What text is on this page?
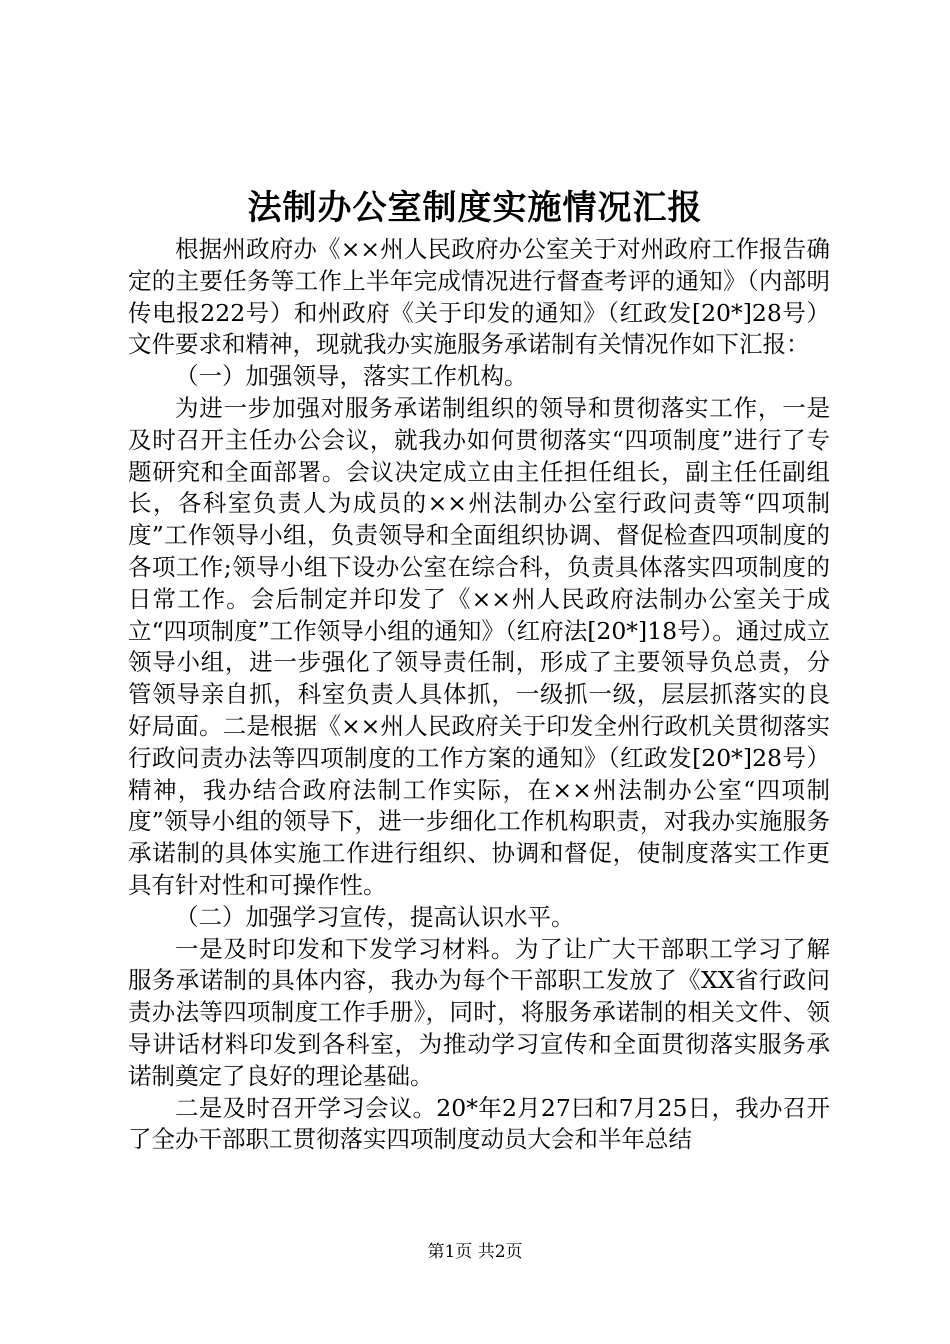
法制办公室制度实施情况汇报

根据州政府办《××州人民政府办公室关于对州政府工作报告确定的主要任务等工作上半年完成情况进行督查考评的通知》（内部明传电报222号）和州政府《关于印发的通知》（红政发[20*]28号）文件要求和精神，现就我办实施服务承诺制有关情况作如下汇报：

（一）加强领导，落实工作机构。

为进一步加强对服务承诺制组织的领导和贯彻落实工作，一是及时召开主任办公会议，就我办如何贯彻落实“四项制度”进行了专题研究和全面部署。会议决定成立由主任担任组长，副主任任副组长，各科室负责人为成员的××州法制办公室行政问责等“四项制度”工作领导小组，负责领导和全面组织协调、督促检查四项制度的各项工作;领导小组下设办公室在综合科，负责具体落实四项制度的日常工作。会后制定并印发了《××州人民政府法制办公室关于成立“四项制度”工作领导小组的通知》（红府法[20*]18号）。通过成立领导小组，进一步强化了领导责任制，形成了主要领导负总责，分管领导亲自抓，科室负责人具体抓，一级抓一级，层层抓落实的良好局面。二是根据《××州人民政府关于印发全州行政机关贯彻落实行政问责办法等四项制度的工作方案的通知》（红政发[20*]28号）精神，我办结合政府法制工作实际，在××州法制办公室“四项制度”领导小组的领导下，进一步细化工作机构职责，对我办实施服务承诺制的具体实施工作进行组织、协调和督促，使制度落实工作更具有针对性和可操作性。

（二）加强学习宣传，提高认识水平。

一是及时印发和下发学习材料。为了让广大干部职工学习了解服务承诺制的具体内容，我办为每个干部职工发放了《XX省行政问责办法等四项制度工作手册》，同时，将服务承诺制的相关文件、领导讲话材料印发到各科室，为推动学习宣传和全面贯彻落实服务承诺制奠定了良好的理论基础。

二是及时召开学习会议。20*年2月27曰和7月25日，我办召开了全办干部职工贯彻落实四项制度动员大会和半年总结

第1页 共2页
